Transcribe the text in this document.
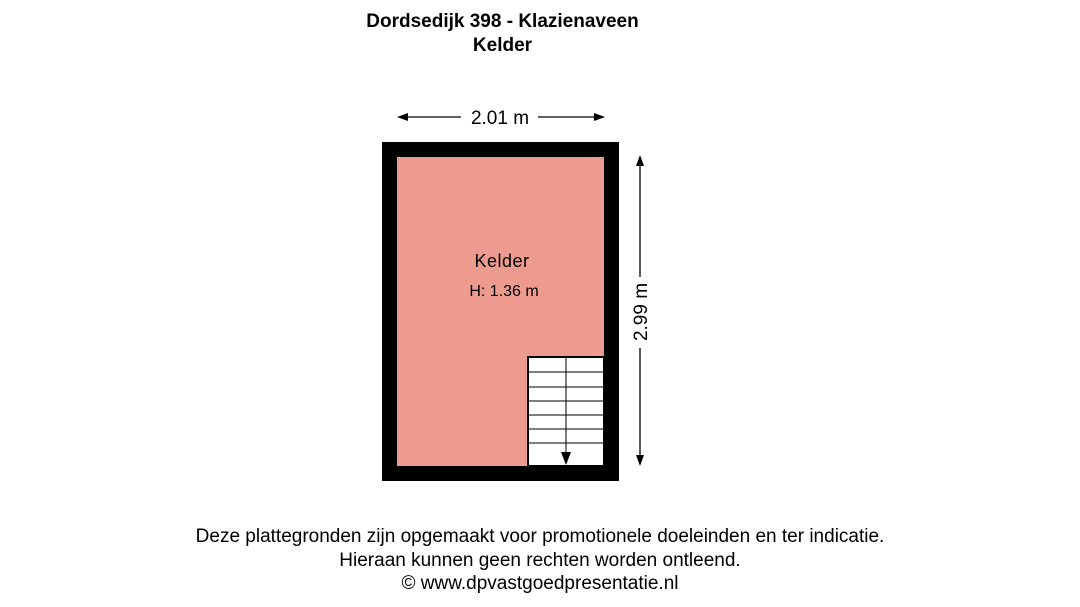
Dordsedijk 398 - Klazienaveen
Kelder
2.01 m
Kelder
H: 1.36 m	2.99 m
Deze plattegronden zijn opgemaakt voor promotionele doeleinden en ter indicatie.
Hieraan kunnen geen rechten worden ontleend.
© www.dpvastgoedpresentatie.nl
